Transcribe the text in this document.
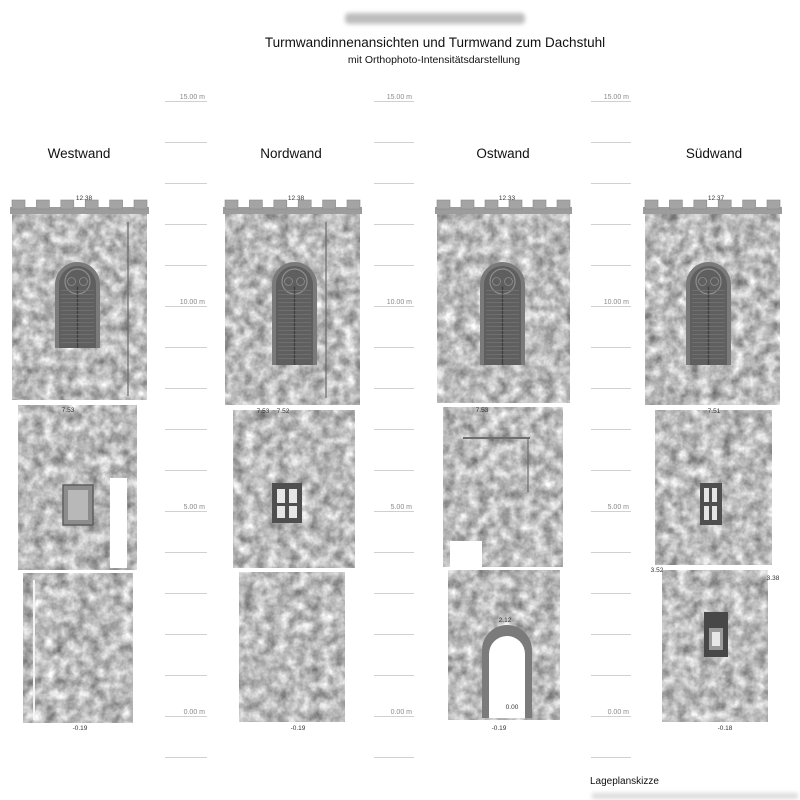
Turmwandinnenansichten und Turmwand zum Dachstuhl
mit Orthophoto-Intensitätsdarstellung
Westwand	Nordwand	Ostwand	Südwand
15.00 m
10.00 m
5.00 m
0.00 m
15.00 m
10.00 m
5.00 m
0.00 m
15.00 m
10.00 m
5.00 m
0.00 m
12.38
7.53
-0.19
12.38
7.53 7.52
-0.19
12.33
7.53
2.12
0.00
-0.19
12.37
7.51
3.52
3.38
-0.18
Lageplanskizze
